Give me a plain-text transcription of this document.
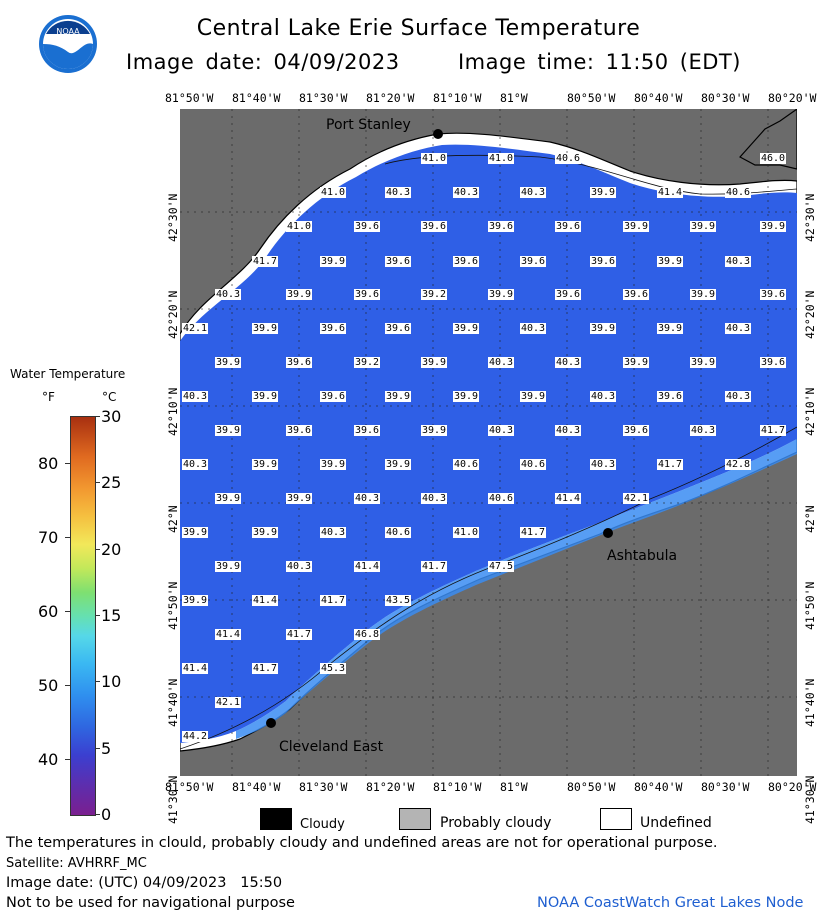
NOAA	Central Lake Erie Surface Temperature
Image date: 04/09/2023	Image time: 11:50 (EDT)
81°50'W
81°50'W
81°40'W
81°40'W
81°30'W
81°30'W
81°20'W
81°20'W
81°10'W
81°10'W
81°W
81°W
80°50'W
80°50'W
80°40'W
80°40'W
80°30'W
80°30'W
80°20'W
80°20'W
42°30'N	42°30'N
42°20'N	42°20'N
42°10'N	42°10'N
42°N	42°N
41°50'N	41°50'N
41°40'N	41°40'N
41°30'N	41°30'N
41.0	41.0	40.6
41.0	40.3	40.3	40.3	39.9	41.4	40.6
41.0	39.6	39.6	39.6	39.6	39.9	39.9	39.9
41.7	39.9	39.6	39.6	39.6	39.6	39.9	40.3
40.3	39.9	39.6	39.2	39.9	39.6	39.6	39.9	39.6
42.1	39.9	39.6	39.6	39.9	40.3	39.9	39.9	40.3
39.9	39.6	39.2	39.9	40.3	40.3	39.9	39.9	39.6
40.3	39.9	39.6	39.9	39.9	39.9	40.3	39.6	40.3
39.9	39.6	39.6	39.9	40.3	40.3	39.6	40.3	41.7
40.3	39.9	39.9	39.9	40.6	40.6	40.3	41.7	42.8
39.9	39.9	40.3	40.3	40.6	41.4	42.1
39.9	39.9	40.3	40.6	41.0	41.7
39.9	40.3	41.4	41.7	47.5
39.9	41.4	41.7	43.5
41.4	41.7	46.8
41.4	41.7	45.3
42.1
44.2
46.0
Port Stanley
Ashtabula
Cleveland East
Water Temperature
°F	°C
30
25
20
15
10
5
0
80
70
60
50
40
Cloudy	Probably cloudy	Undefined
The temperatures in clould, probably cloudy and undefined areas are not for operational purpose.
Satellite: AVHRRF_MC
Image date: (UTC) 04/09/2023   15:50
Not to be used for navigational purpose	NOAA CoastWatch Great Lakes Node
